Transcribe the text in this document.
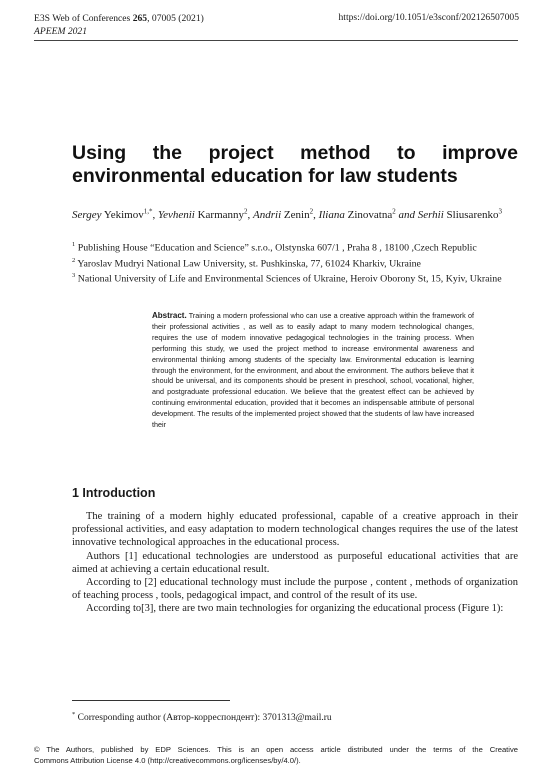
E3S Web of Conferences 265, 07005 (2021)
APEEM 2021
https://doi.org/10.1051/e3sconf/202126507005
Using the project method to improve
environmental education for law students
Sergey Yekimov$^{1,*}$, Yevhenii Karmanny$^2$, Andrii Zenin$^2$, Iliana Zinovatna$^2$ and Serhii Sliusarenko$^3$

$^1$ Publishing House “Education and Science” s.r.o., Olstynska 607/1 , Praha 8 , 18100 ,Czech Republic

$^2$ Yaroslav Mudryi National Law University, st. Pushkinska, 77, 61024 Kharkiv, Ukraine

$^3$ National University of Life and Environmental Sciences of Ukraine, Heroiv Oborony St, 15, Kyiv, Ukraine

Abstract. Training a modern professional who can use a creative approach within the framework of their professional activities , as well as to easily adapt to many modern technological changes, requires the use of modern innovative pedagogical technologies in the training process. When performing this study, we used the project method to increase environmental awareness and environmental thinking among students of the specialty law. Environmental education is learning through the environment, for the environment, and about the environment. The authors believe that it should be universal, and its components should be present in preschool, school, vocational, higher, and postgraduate professional education. We believe that the greatest effect can be achieved by continuing environmental education, provided that it becomes an indispensable attribute of personal development. The results of the implemented project showed that the students of law have increased their
1 Introduction

The training of a modern highly educated professional, capable of a creative approach in their professional activities, and easy adaptation to modern technological changes requires the use of the latest innovative technological approaches in the educational process.

Authors [1] educational technologies are understood as purposeful educational activities that are aimed at achieving a certain educational result.

According to [2] educational technology must include the purpose , content , methods of organization of teaching process , tools, pedagogical impact, and control of the result of its use.

According to[3], there are two main technologies for organizing the educational process (Figure 1):

* Corresponding author (Автор-корреспондент): 3701313@mail.ru
© The Authors, published by EDP Sciences. This is an open access article distributed under the terms of the Creative
Commons Attribution License 4.0 (http://creativecommons.org/licenses/by/4.0/).
